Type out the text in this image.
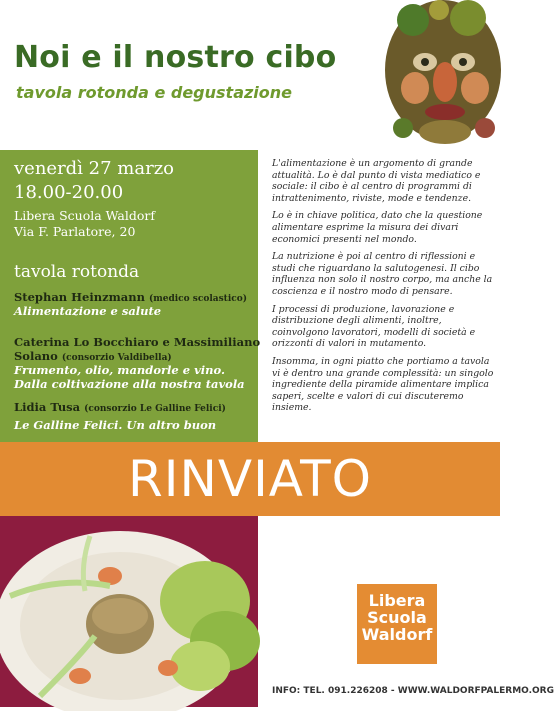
Noi e il nostro cibo
tavola rotonda e degustazione
venerdì 27 marzo
18.00-20.00
Libera Scuola Waldorf
Via F. Parlatore, 20
tavola rotonda
Stephan Heinzmann (medico scolastico)
Alimentazione e salute
Caterina Lo Bocchiaro e Massimiliano
Solano (consorzio Valdibella)
Frumento, olio, mandorle e vino.
Dalla coltivazione alla nostra tavola
Lidia Tusa (consorzio Le Galline Felici)
Le Galline Felici. Un altro buon

L'alimentazione è un argomento di grande attualità. Lo è dal punto di vista mediatico e sociale: il cibo è al centro di programmi di intrattenimento, riviste, mode e tendenze.

Lo è in chiave politica, dato che la questione alimentare esprime la misura dei divari economici presenti nel mondo.

La nutrizione è poi al centro di riflessioni e studi che riguardano la salutogenesi. Il cibo influenza non solo il nostro corpo, ma anche la coscienza e il nostro modo di pensare.

I processi di produzione, lavorazione e distribuzione degli alimenti, inoltre, coinvolgono lavoratori, modelli di società e orizzonti di valori in mutamento.

Insomma, in ogni piatto che portiamo a tavola vi è dentro una grande complessità: un singolo ingrediente della piramide alimentare implica saperi, scelte e valori di cui discuteremo insieme.

RINVIATO
Libera
Scuola
Waldorf
INFO: TEL. 091.226208 - WWW.WALDORFPALERMO.ORG
